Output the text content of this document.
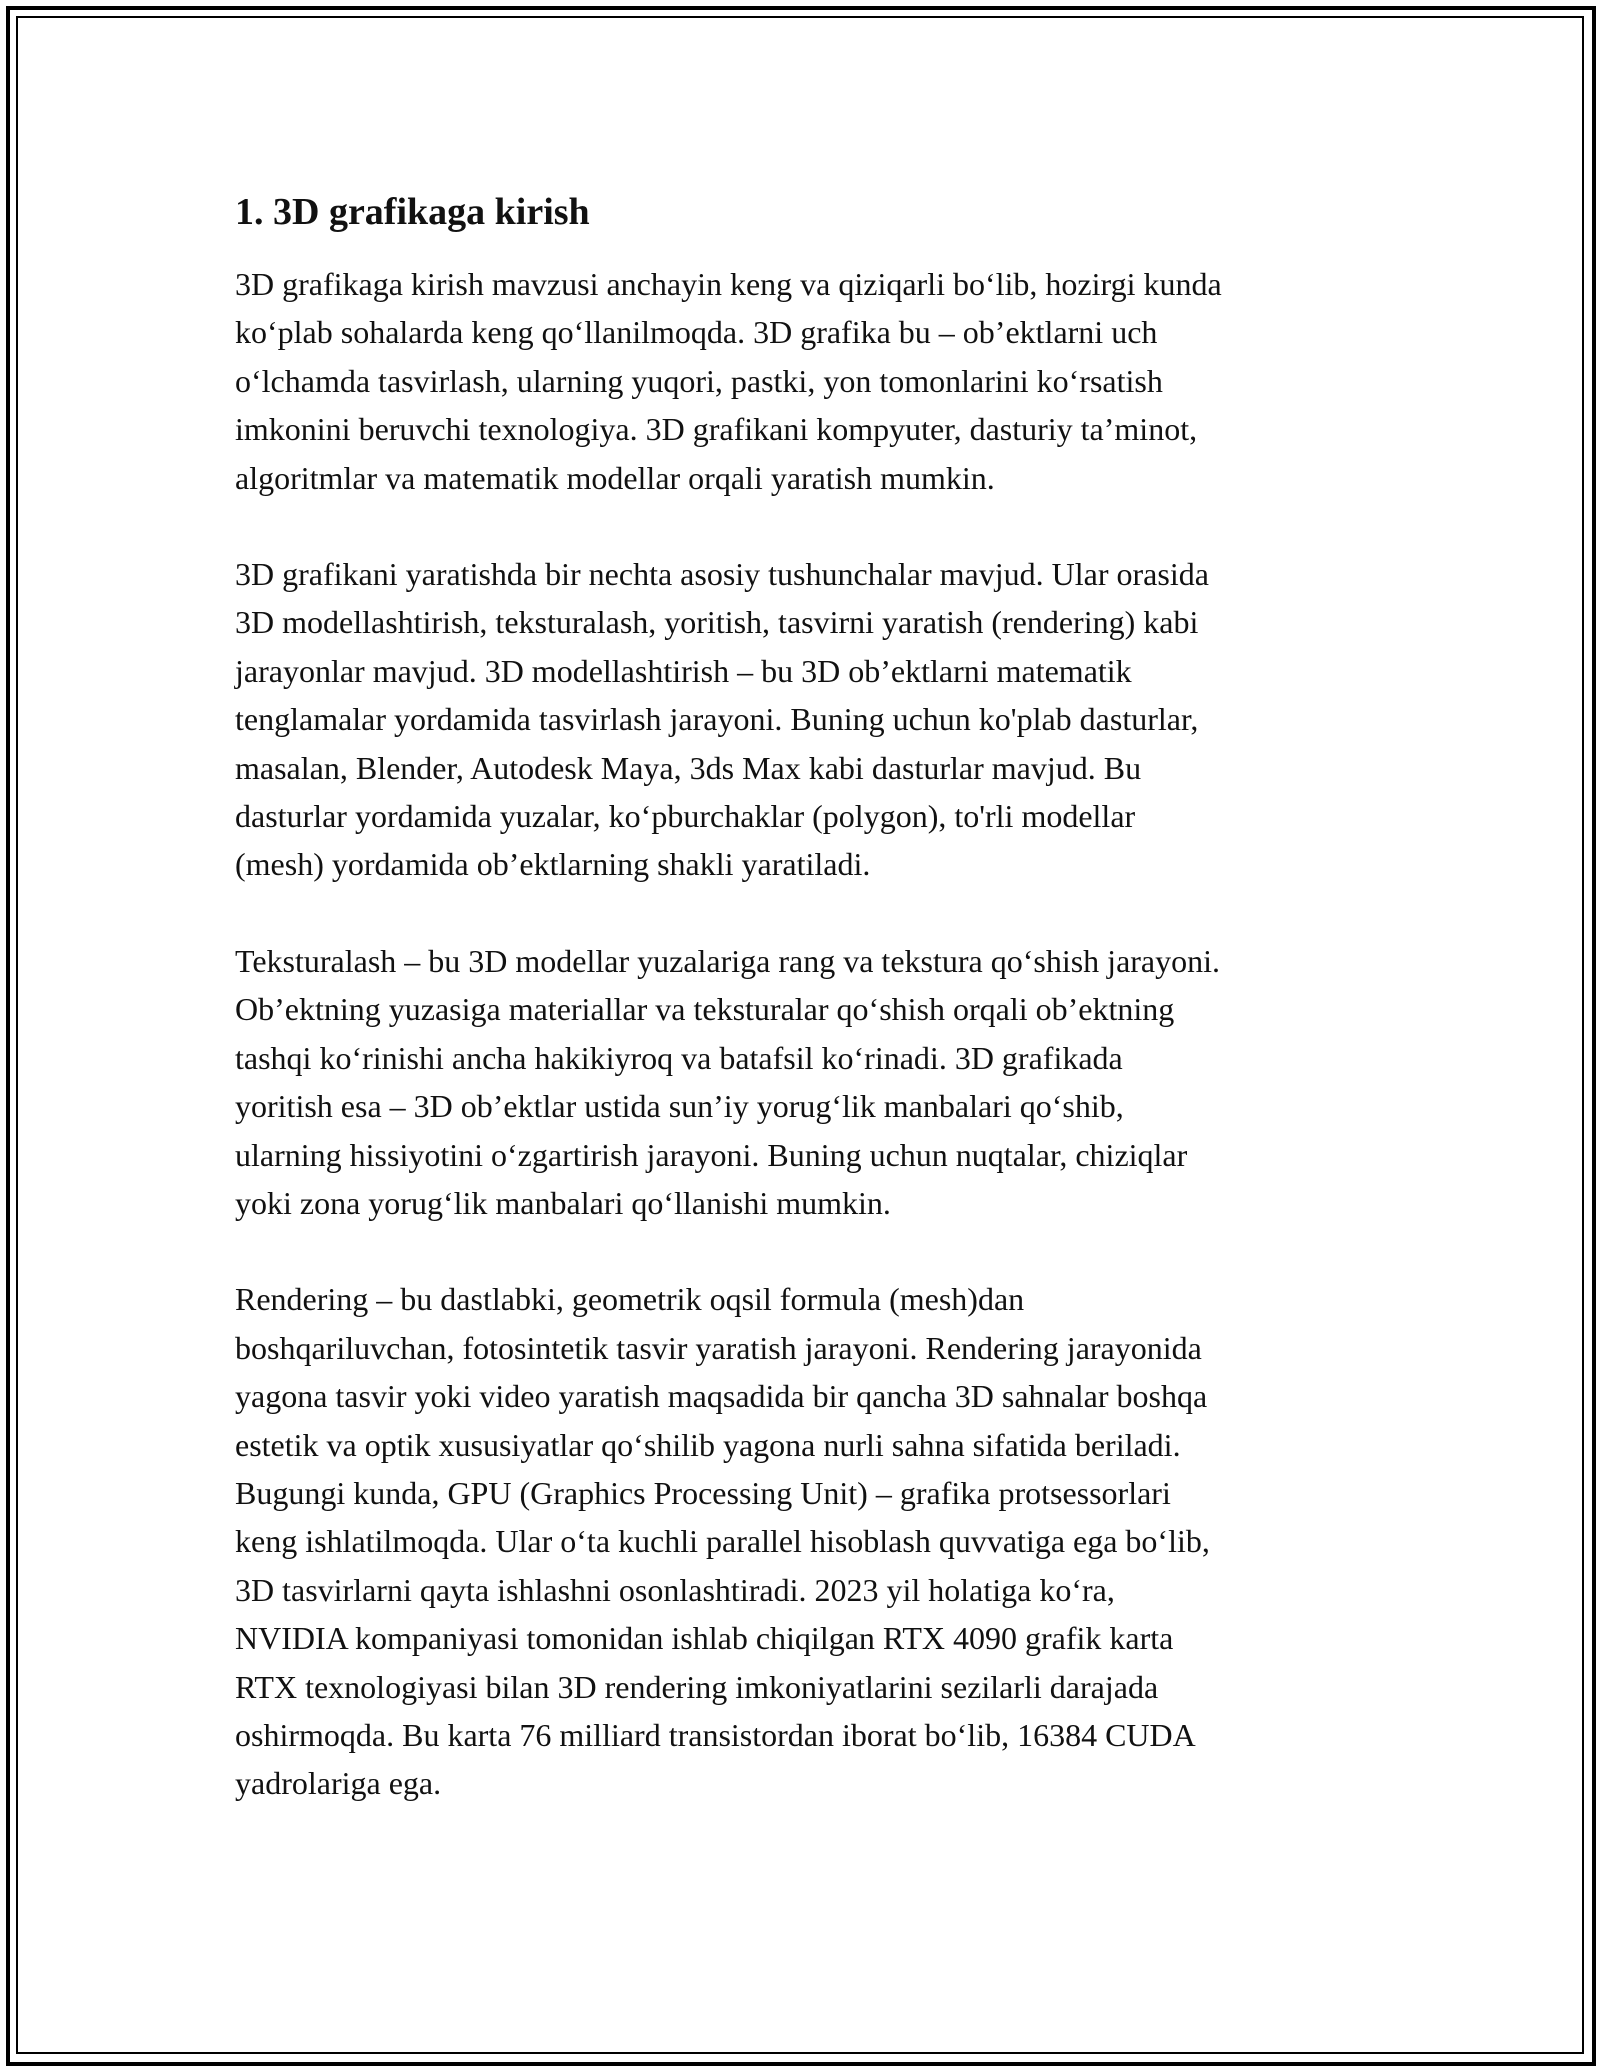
1. 3D grafikaga kirish

3D grafikaga kirish mavzusi anchayin keng va qiziqarli boʻlib, hozirgi kunda
koʻplab sohalarda keng qoʻllanilmoqda. 3D grafika bu – obʼektlarni uch
oʻlchamda tasvirlash, ularning yuqori, pastki, yon tomonlarini koʻrsatish
imkonini beruvchi texnologiya. 3D grafikani kompyuter, dasturiy taʼminot,
algoritmlar va matematik modellar orqali yaratish mumkin.

3D grafikani yaratishda bir nechta asosiy tushunchalar mavjud. Ular orasida
3D modellashtirish, teksturalash, yoritish, tasvirni yaratish (rendering) kabi
jarayonlar mavjud. 3D modellashtirish – bu 3D obʼektlarni matematik
tenglamalar yordamida tasvirlash jarayoni. Buning uchun ko'plab dasturlar,
masalan, Blender, Autodesk Maya, 3ds Max kabi dasturlar mavjud. Bu
dasturlar yordamida yuzalar, koʻpburchaklar (polygon), to'rli modellar
(mesh) yordamida obʼektlarning shakli yaratiladi.

Teksturalash – bu 3D modellar yuzalariga rang va tekstura qoʻshish jarayoni.
Obʼektning yuzasiga materiallar va teksturalar qoʻshish orqali obʼektning
tashqi koʻrinishi ancha hakikiyroq va batafsil koʻrinadi. 3D grafikada
yoritish esa – 3D obʼektlar ustida sunʼiy yorugʻlik manbalari qoʻshib,
ularning hissiyotini oʻzgartirish jarayoni. Buning uchun nuqtalar, chiziqlar
yoki zona yorugʻlik manbalari qoʻllanishi mumkin.

Rendering – bu dastlabki, geometrik oqsil formula (mesh)dan
boshqariluvchan, fotosintetik tasvir yaratish jarayoni. Rendering jarayonida
yagona tasvir yoki video yaratish maqsadida bir qancha 3D sahnalar boshqa
estetik va optik xususiyatlar qoʻshilib yagona nurli sahna sifatida beriladi.
Bugungi kunda, GPU (Graphics Processing Unit) – grafika protsessorlari
keng ishlatilmoqda. Ular oʻta kuchli parallel hisoblash quvvatiga ega boʻlib,
3D tasvirlarni qayta ishlashni osonlashtiradi. 2023 yil holatiga koʻra,
NVIDIA kompaniyasi tomonidan ishlab chiqilgan RTX 4090 grafik karta
RTX texnologiyasi bilan 3D rendering imkoniyatlarini sezilarli darajada
oshirmoqda. Bu karta 76 milliard transistordan iborat boʻlib, 16384 CUDA
yadrolariga ega.
